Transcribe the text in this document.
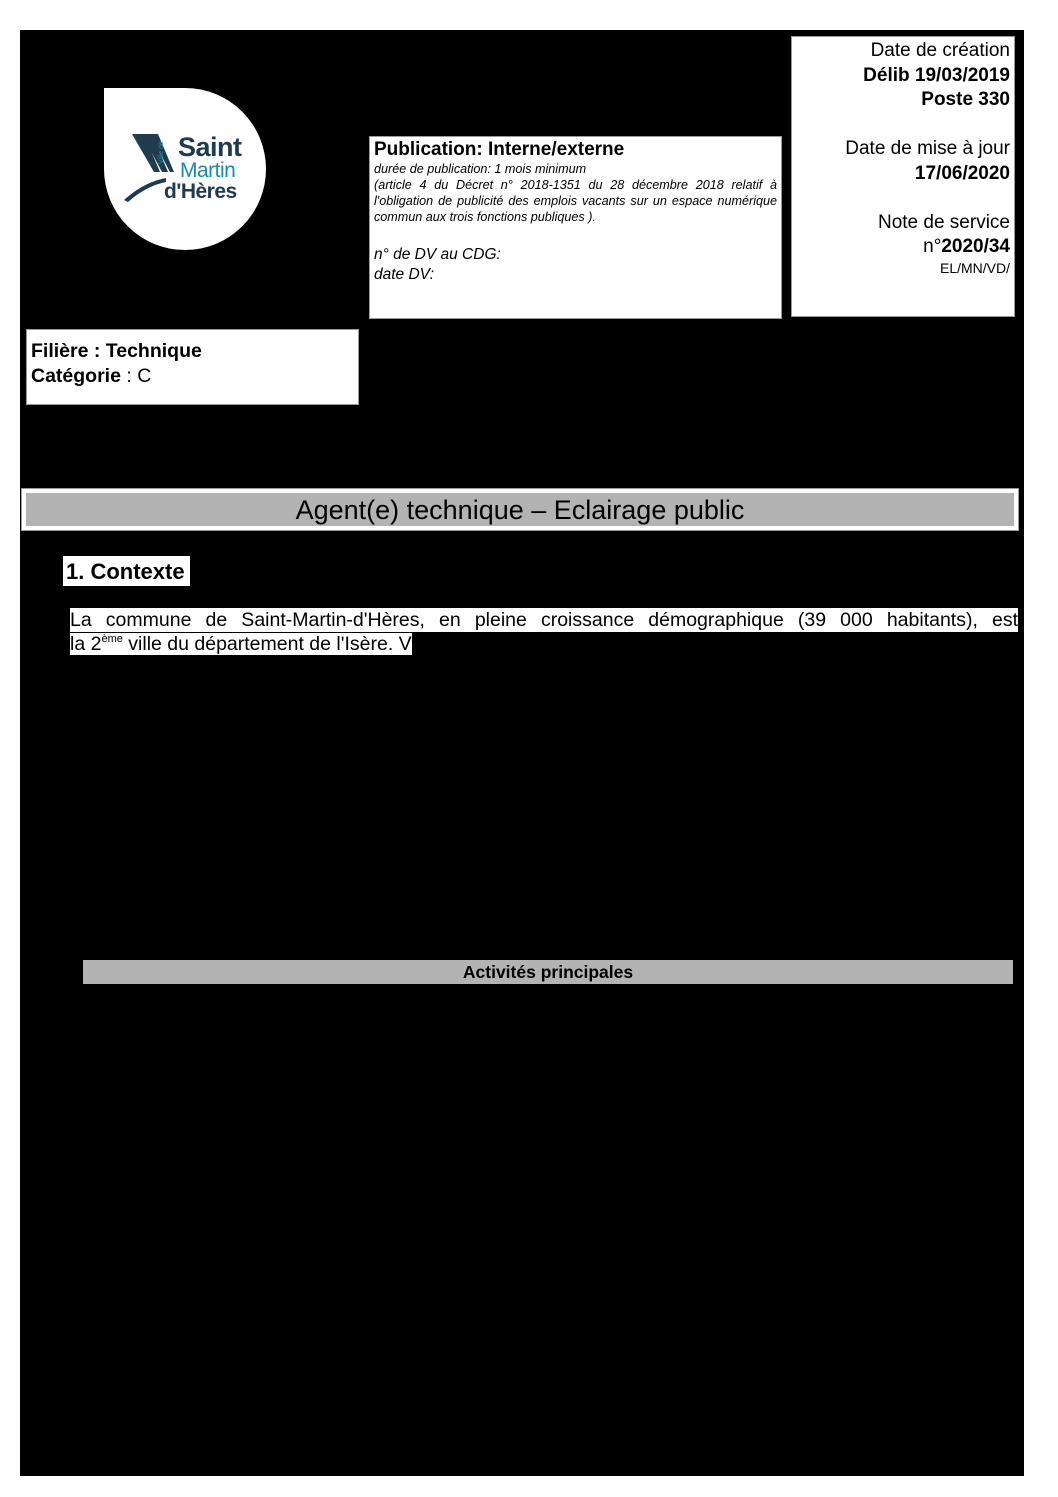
Ville de Saint
Martin
d'Hères

Publication: Interne/externe

durée de publication: 1 mois minimum

(article 4 du Décret n° 2018-1351 du 28 décembre 2018 relatif à l'obligation de publicité des emplois vacants sur un espace numérique commun aux trois fonctions publiques ).

n° de DV au CDG:
date DV:
Date de création
Délib 19/03/2019
Poste 330
Date de mise à jour
17/06/2020
Note de service
n°2020/34
EL/MN/VD/
Filière : Technique
Catégorie : C
Agent(e) technique – Eclairage public
1. Contexte
La commune de Saint-Martin-d'Hères, en pleine croissance démographique (39 000 habitants), est
la 2ème ville du département de l'Isère. V
Activités principales
